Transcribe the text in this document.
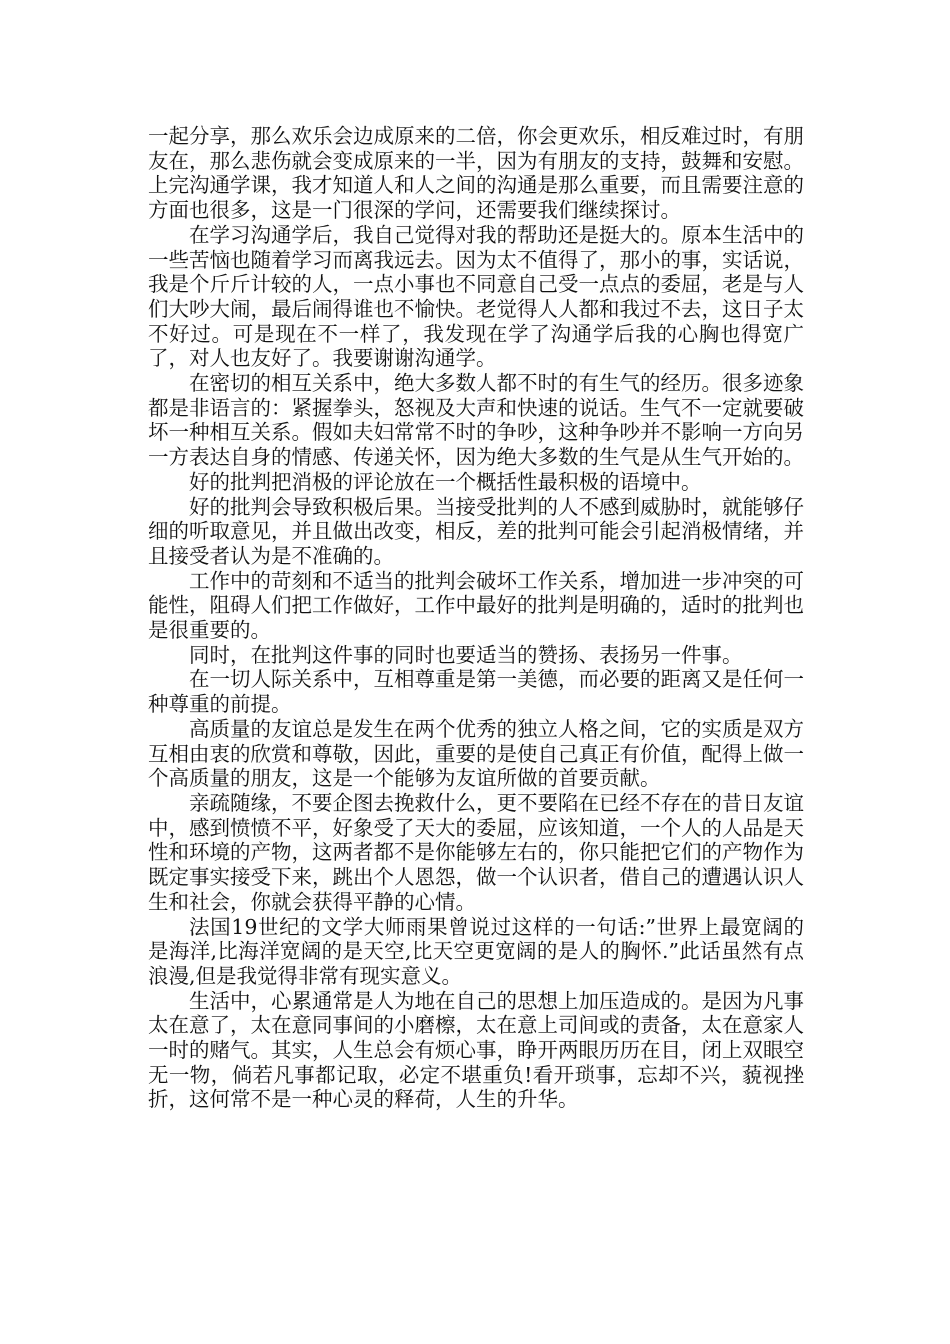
一起分享，那么欢乐会边成原来的二倍，你会更欢乐，相反难过时，有朋友在，那么悲伤就会变成原来的一半，因为有朋友的支持，鼓舞和安慰。上完沟通学课，我才知道人和人之间的沟通是那么重要，而且需要注意的方面也很多，这是一门很深的学问，还需要我们继续探讨。

在学习沟通学后，我自己觉得对我的帮助还是挺大的。原本生活中的一些苦恼也随着学习而离我远去。因为太不值得了，那小的事，实话说，我是个斤斤计较的人，一点小事也不同意自己受一点点的委屈，老是与人们大吵大闹，最后闹得谁也不愉快。老觉得人人都和我过不去，这日子太不好过。可是现在不一样了，我发现在学了沟通学后我的心胸也得宽广了，对人也友好了。我要谢谢沟通学。

在密切的相互关系中，绝大多数人都不时的有生气的经历。很多迹象都是非语言的：紧握拳头，怒视及大声和快速的说话。生气不一定就要破坏一种相互关系。假如夫妇常常不时的争吵，这种争吵并不影响一方向另一方表达自身的情感、传递关怀，因为绝大多数的生气是从生气开始的。

好的批判把消极的评论放在一个概括性最积极的语境中。

好的批判会导致积极后果。当接受批判的人不感到威胁时，就能够仔细的听取意见，并且做出改变，相反，差的批判可能会引起消极情绪，并且接受者认为是不准确的。

工作中的苛刻和不适当的批判会破坏工作关系，增加进一步冲突的可能性，阻碍人们把工作做好，工作中最好的批判是明确的，适时的批判也是很重要的。

同时，在批判这件事的同时也要适当的赞扬、表扬另一件事。

在一切人际关系中，互相尊重是第一美德，而必要的距离又是任何一种尊重的前提。

高质量的友谊总是发生在两个优秀的独立人格之间，它的实质是双方互相由衷的欣赏和尊敬，因此，重要的是使自己真正有价值，配得上做一个高质量的朋友，这是一个能够为友谊所做的首要贡献。

亲疏随缘，不要企图去挽救什么，更不要陷在已经不存在的昔日友谊中，感到愤愤不平，好象受了天大的委屈，应该知道，一个人的人品是天性和环境的产物，这两者都不是你能够左右的，你只能把它们的产物作为既定事实接受下来，跳出个人恩怨，做一个认识者，借自己的遭遇认识人生和社会，你就会获得平静的心情。

法国19世纪的文学大师雨果曾说过这样的一句话:”世界上最宽阔的是海洋,比海洋宽阔的是天空,比天空更宽阔的是人的胸怀.”此话虽然有点浪漫,但是我觉得非常有现实意义。

生活中，心累通常是人为地在自己的思想上加压造成的。是因为凡事太在意了，太在意同事间的小磨檫，太在意上司间或的责备，太在意家人一时的赌气。其实，人生总会有烦心事，睁开两眼历历在目，闭上双眼空无一物，倘若凡事都记取，必定不堪重负!看开琐事，忘却不兴，藐视挫折，这何常不是一种心灵的释荷，人生的升华。
